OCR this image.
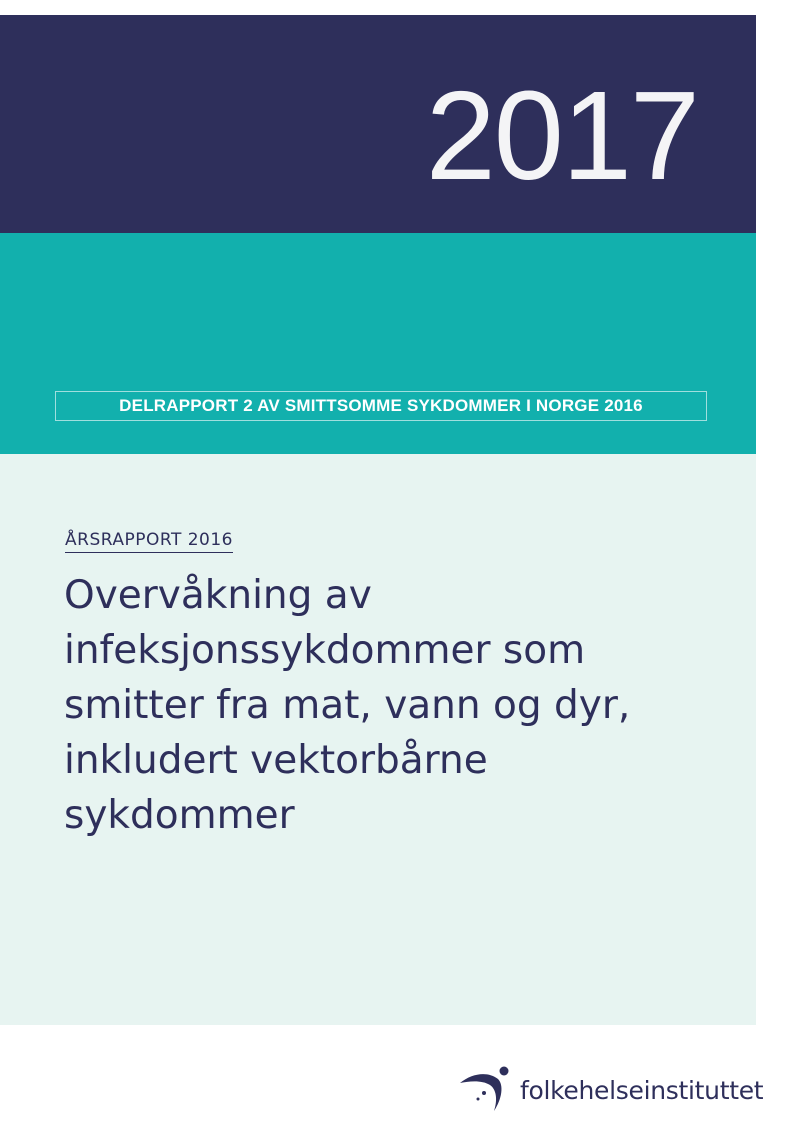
2017
DELRAPPORT 2 AV SMITTSOMME SYKDOMMER I NORGE 2016
ÅRSRAPPORT 2016
Overvåkning av
infeksjonssykdommer som
smitter fra mat, vann og dyr,
inkludert vektorbårne
sykdommer
folkehelseinstituttet
